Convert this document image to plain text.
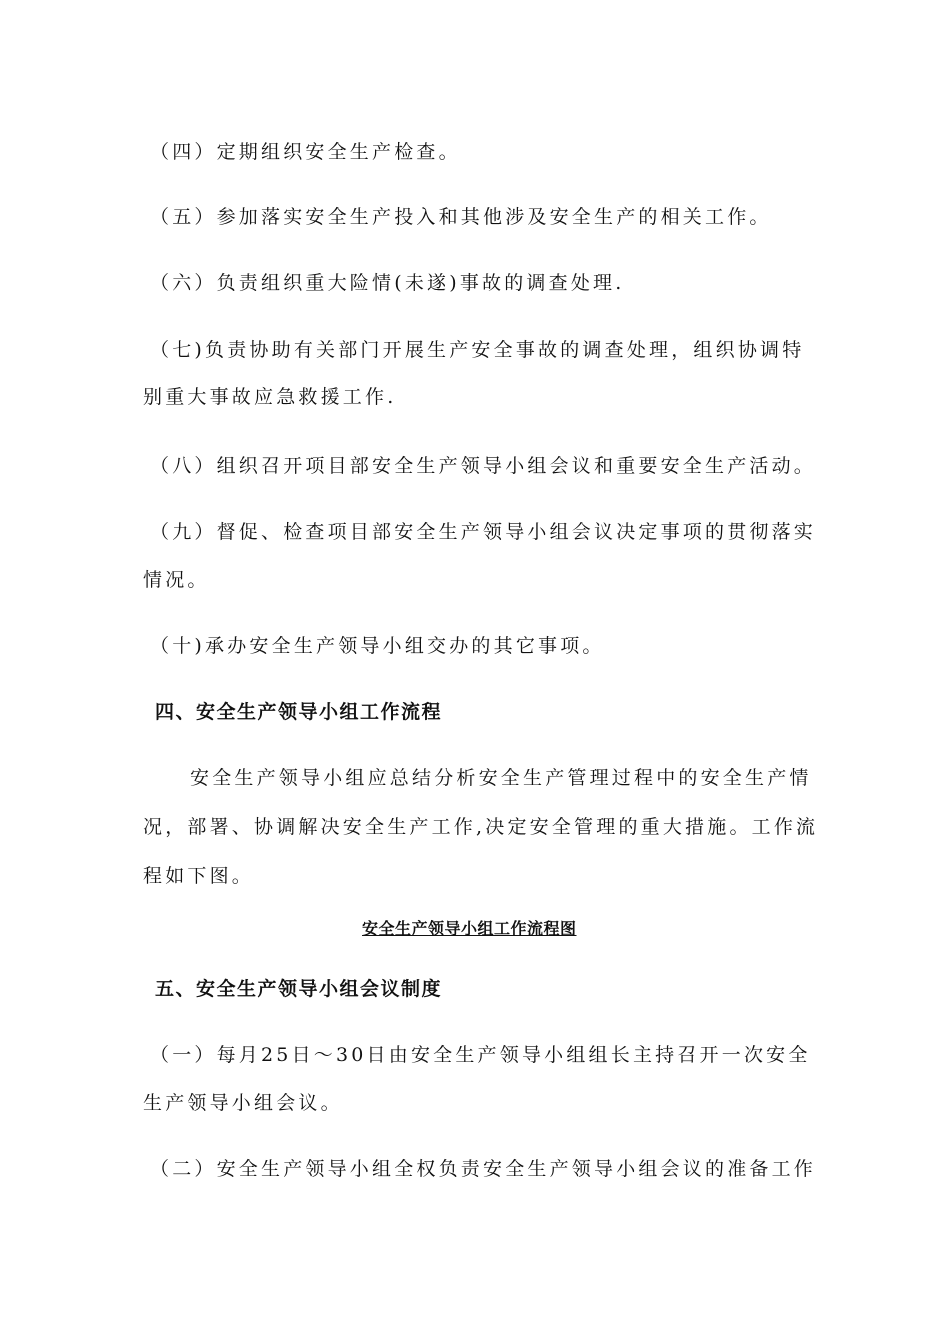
（四）定期组织安全生产检查。
（五）参加落实安全生产投入和其他涉及安全生产的相关工作。
（六）负责组织重大险情(未遂)事故的调查处理.
（七)负责协助有关部门开展生产安全事故的调查处理，组织协调特
别重大事故应急救援工作.
（八）组织召开项目部安全生产领导小组会议和重要安全生产活动。
（九）督促、检查项目部安全生产领导小组会议决定事项的贯彻落实
情况。
（十)承办安全生产领导小组交办的其它事项。
四、安全生产领导小组工作流程
安全生产领导小组应总结分析安全生产管理过程中的安全生产情
况，部署、协调解决安全生产工作,决定安全管理的重大措施。工作流
程如下图。
安全生产领导小组工作流程图
五、安全生产领导小组会议制度
（一）每月25日～30日由安全生产领导小组组长主持召开一次安全
生产领导小组会议。
（二）安全生产领导小组全权负责安全生产领导小组会议的准备工作
